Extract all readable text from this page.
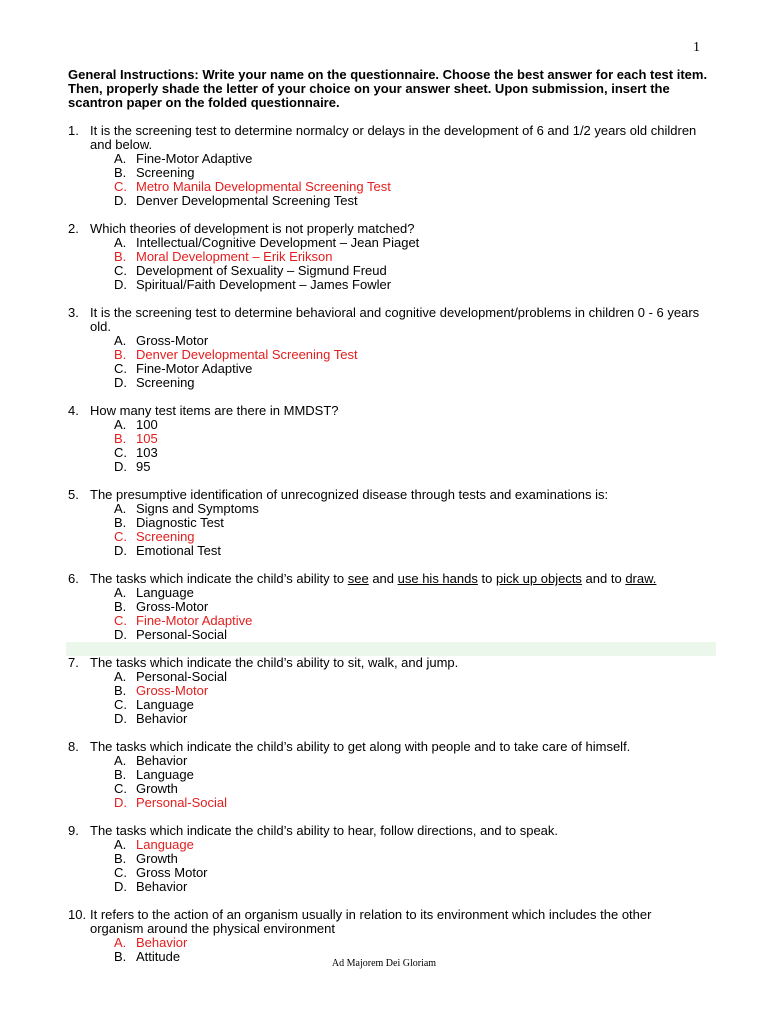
1
General Instructions: Write your name on the questionnaire. Choose the best answer for each test item. Then, properly shade the letter of your choice on your answer sheet. Upon submission, insert the scantron paper on the folded questionnaire.
1. It is the screening test to determine normalcy or delays in the development of 6 and 1/2 years old children and below.
A. Fine-Motor Adaptive
B. Screening
C. Metro Manila Developmental Screening Test
D. Denver Developmental Screening Test
2. Which theories of development is not properly matched?
A. Intellectual/Cognitive Development – Jean Piaget
B. Moral Development – Erik Erikson
C. Development of Sexuality – Sigmund Freud
D. Spiritual/Faith Development – James Fowler
3. It is the screening test to determine behavioral and cognitive development/problems in children 0 - 6 years old.
A. Gross-Motor
B. Denver Developmental Screening Test
C. Fine-Motor Adaptive
D. Screening
4. How many test items are there in MMDST?
A. 100
B. 105
C. 103
D. 95
5. The presumptive identification of unrecognized disease through tests and examinations is:
A. Signs and Symptoms
B. Diagnostic Test
C. Screening
D. Emotional Test
6. The tasks which indicate the child’s ability to see and use his hands to pick up objects and to draw.
A. Language
B. Gross-Motor
C. Fine-Motor Adaptive
D. Personal-Social
7. The tasks which indicate the child’s ability to sit, walk, and jump.
A. Personal-Social
B. Gross-Motor
C. Language
D. Behavior
8. The tasks which indicate the child’s ability to get along with people and to take care of himself.
A. Behavior
B. Language
C. Growth
D. Personal-Social
9. The tasks which indicate the child’s ability to hear, follow directions, and to speak.
A. Language
B. Growth
C. Gross Motor
D. Behavior
10. It refers to the action of an organism usually in relation to its environment which includes the other organism around the physical environment
A. Behavior
B. Attitude	Ad Majorem Dei Gloriam
